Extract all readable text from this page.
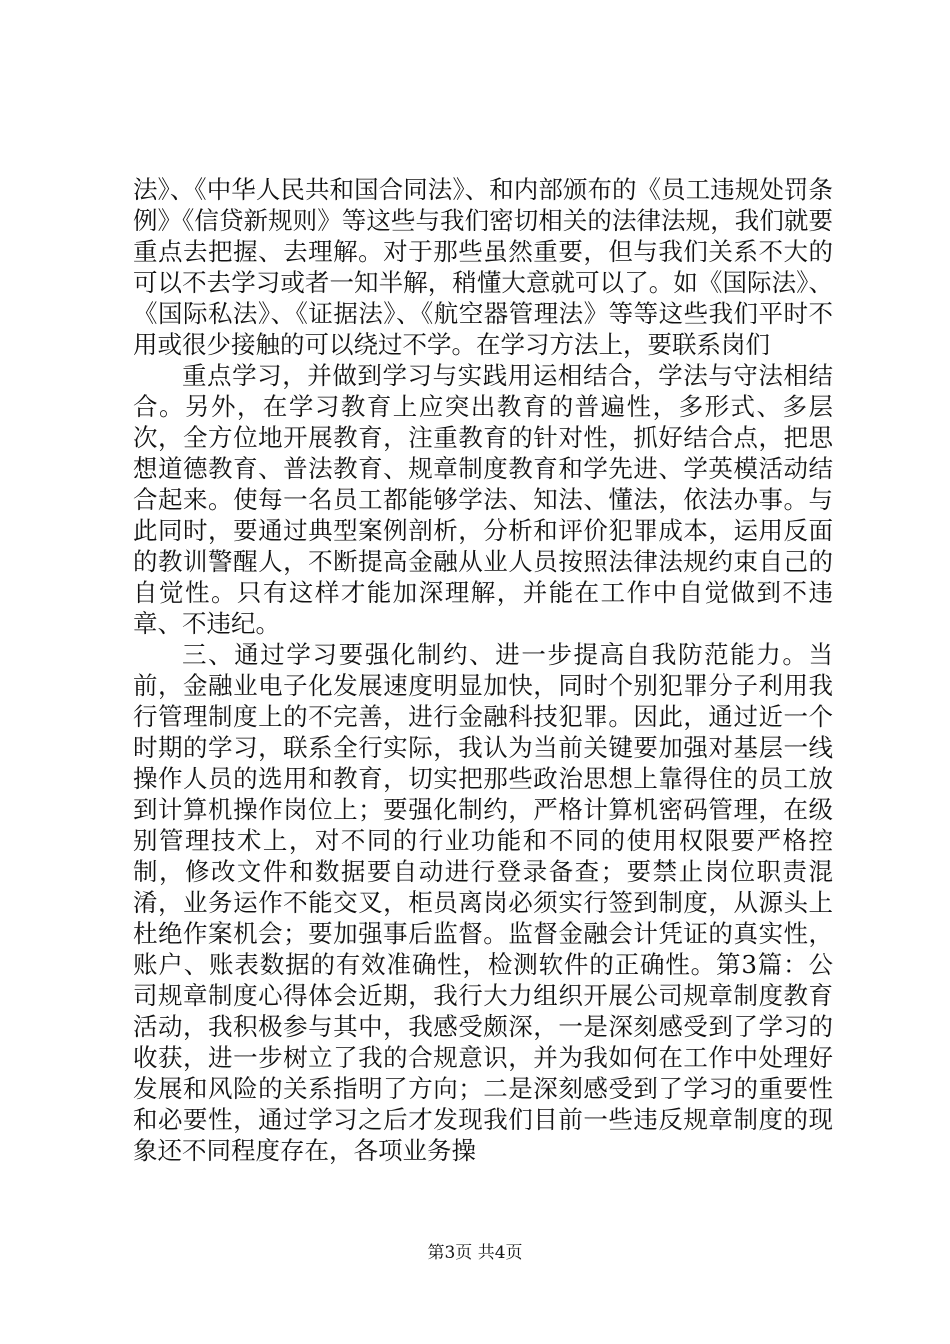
法》、《中华人民共和国合同法》、和内部颁布的《员工违规处罚条例》《信贷新规则》等这些与我们密切相关的法律法规，我们就要重点去把握、去理解。对于那些虽然重要，但与我们关系不大的可以不去学习或者一知半解，稍懂大意就可以了。如《国际法》、《国际私法》、《证据法》、《航空器管理法》等等这些我们平时不用或很少接触的可以绕过不学。在学习方法上，要联系岗们

重点学习，并做到学习与实践用运相结合，学法与守法相结合。另外，在学习教育上应突出教育的普遍性，多形式、多层次，全方位地开展教育，注重教育的针对性，抓好结合点，把思想道德教育、普法教育、规章制度教育和学先进、学英模活动结合起来。使每一名员工都能够学法、知法、懂法，依法办事。与此同时，要通过典型案例剖析，分析和评价犯罪成本，运用反面的教训警醒人，不断提高金融从业人员按照法律法规约束自己的自觉性。只有这样才能加深理解，并能在工作中自觉做到不违章、不违纪。

三、通过学习要强化制约、进一步提高自我防范能力。当前，金融业电子化发展速度明显加快，同时个别犯罪分子利用我行管理制度上的不完善，进行金融科技犯罪。因此，通过近一个时期的学习，联系全行实际，我认为当前关键要加强对基层一线操作人员的选用和教育，切实把那些政治思想上靠得住的员工放到计算机操作岗位上；要强化制约，严格计算机密码管理，在级别管理技术上，对不同的行业功能和不同的使用权限要严格控制，修改文件和数据要自动进行登录备查；要禁止岗位职责混淆，业务运作不能交叉，柜员离岗必须实行签到制度，从源头上杜绝作案机会；要加强事后监督。监督金融会计凭证的真实性，账户、账表数据的有效准确性，检测软件的正确性。第3篇：公司规章制度心得体会近期，我行大力组织开展公司规章制度教育活动，我积极参与其中，我感受颇深，一是深刻感受到了学习的收获，进一步树立了我的合规意识，并为我如何在工作中处理好发展和风险的关系指明了方向；二是深刻感受到了学习的重要性和必要性，通过学习之后才发现我们目前一些违反规章制度的现象还不同程度存在，各项业务操

第3页 共4页
